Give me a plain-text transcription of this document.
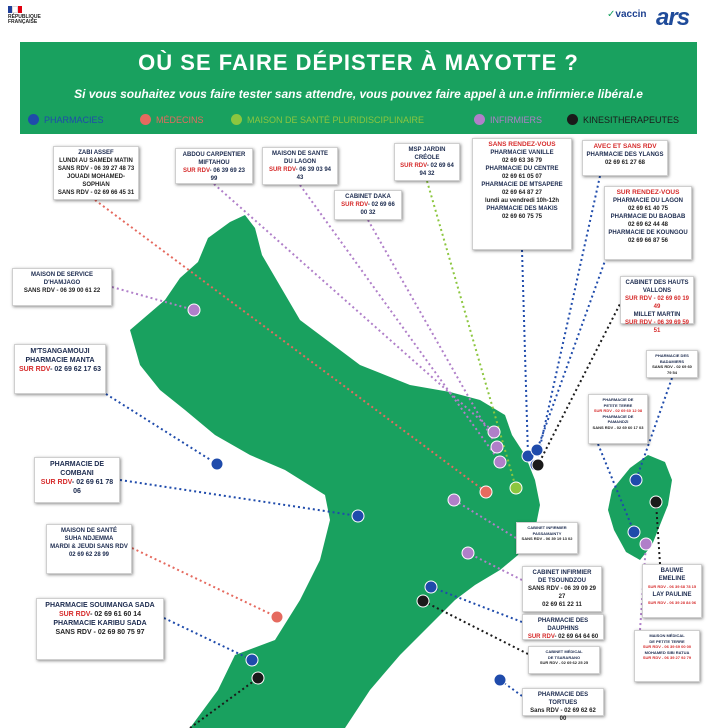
RÉPUBLIQUE
FRANÇAISE
✓vaccin ars
OÙ SE FAIRE DÉPISTER À MAYOTTE ?
Si vous souhaitez vous faire tester sans attendre, vous pouvez faire appel à un.e infirmier.e libéral.e
PHARMACIES	MÉDECINS	MAISON DE SANTÉ PLURIDISCIPLINAIRE	INFIRMIERS	KINESITHERAPEUTES
ZABI ASSEF
LUNDI AU SAMEDI MATIN
SANS RDV - 06 39 27 48 73
JOUADI MOHAMED-SOPHIAN
SANS RDV - 02 69 66 45 31
ABDOU CARPENTIER
MIFTAHOU
SUR RDV- 06 39 69 23 99
MAISON DE SANTE
DU LAGON
SUR RDV- 06 39 03 94 43
CABINET DAKA
SUR RDV- 02 69 66 00 32
MSP JARDIN
CRÉOLE
SUR RDV- 02 69 64 94 32
SANS RENDEZ-VOUS
PHARMACIE VANILLE
02 69 63 36 79
PHARMACIE DU CENTRE
02 69 61 05 07
PHARMACIE DE MTSAPERE
02 69 64 87 27
lundi au vendredi 10h-12h
PHARMACIE DES MAKIS
02 69 60 75 75
AVEC ET SANS RDV
PHARMACIE DES YLANGS
02 69 61 27 68
SUR RENDEZ-VOUS
PHARMACIE DU LAGON
02 69 61 40 75
PHARMACIE DU BAOBAB
02 69 62 44 48
PHARMACIE DE KOUNGOU
02 69 66 87 56
CABINET DES HAUTS
VALLONS
SUR RDV - 02 69 60 19 49
MILLET MARTIN
SUR RDV - 06 39 69 59 51
MAISON DE SERVICE
D'HAMJAGO
SANS RDV - 06 39 00 61 22
M'TSANGAMOUJI
PHARMACIE MANTA
SUR RDV- 02 69 62 17 63
PHARMACIE DES
BADAMIERS
SANS RDV - 02 69 60 79 54
PHARMACIE DE
PETITE TERRE
SUR RDV - 02 69 60 12 08
PHARMACIE DE
PAMANDZI
SANS RDV - 02 69 60 17 03
PHARMACIE DE
COMBANI
SUR RDV- 02 69 61 78 06
CABINET INFIRMIER
PASSAMAINTY
SANS RDV - 06 39 19 13 02
MAISON DE SANTÉ
SUHA NDJEMMA
MARDI & JEUDI SANS RDV
02 69 62 28 99
CABINET INFIRMIER
DE TSOUNDZOU
SANS RDV - 06 39 09 29 27
02 69 61 22 11
PHARMACIE SOUIMANGA SADA
SUR RDV- 02 69 61 60 14
PHARMACIE KARIBU SADA
SANS RDV - 02 69 80 75 97
PHARMACIE DES DAUPHINS
SUR RDV- 02 69 64 64 60
BAUWE
EMELINE
SUR RDV - 06 39 68 78 15
LAY PAULINE
SUR RDV - 06 39 28 84 06
CABINET MÉDICAL
DE TSARARANO
SUR RDV - 02 69 62 25 25
MAISON MÉDICAL
DE PETITE TERRE
SUR RDV - 06 39 69 00 00
MOHAMED SIBI RATUA
SUR RDV - 06 39 27 92 79
PHARMACIE DES TORTUES
Sans RDV - 02 69 62 62 00
